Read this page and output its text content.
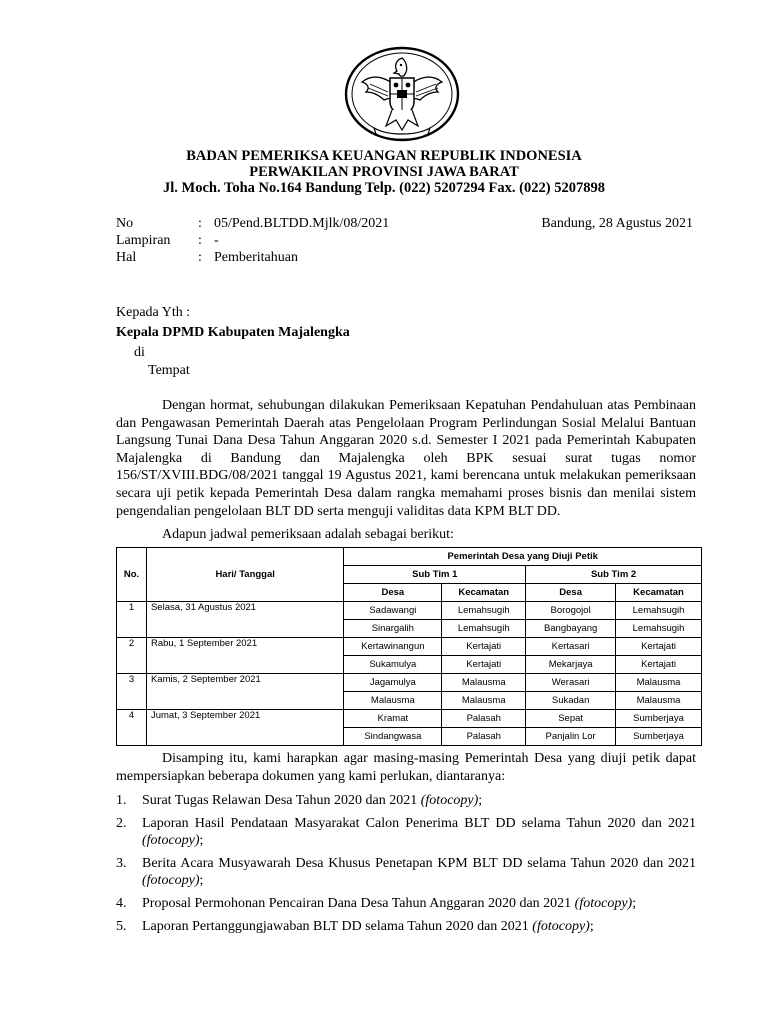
BADAN PEMERIKSA KEUANGAN REPUBLIK INDONESIA
PERWAKILAN PROVINSI JAWA BARAT
Jl. Moch. Toha No.164 Bandung Telp. (022) 5207294 Fax. (022) 5207898
No	: 05/Pend.BLTDD.Mjlk/08/2021	Bandung, 28 Agustus 2021
Lampiran : -
Hal	: Pemberitahuan
Kepada Yth :
Kepala DPMD Kabupaten Majalengka
di
Tempat
Dengan hormat, sehubungan dilakukan Pemeriksaan Kepatuhan Pendahuluan atas Pembinaan dan Pengawasan Pemerintah Daerah atas Pengelolaan Program Perlindungan Sosial Melalui Bantuan Langsung Tunai Dana Desa Tahun Anggaran 2020 s.d. Semester I 2021 pada Pemerintah Kabupaten Majalengka di Bandung dan Majalengka oleh BPK sesuai surat tugas nomor 156/ST/XVIII.BDG/08/2021 tanggal 19 Agustus 2021, kami berencana untuk melakukan pemeriksaan secara uji petik kepada Pemerintah Desa dalam rangka memahami proses bisnis dan menilai sistem pengendalian pengelolaan BLT DD serta menguji validitas data KPM BLT DD.
Adapun jadwal pemeriksaan adalah sebagai berikut:
No.	Hari/ Tanggal	Pemerintah Desa yang Diuji Petik			
		Sub Tim 1		Sub Tim 2	
		Desa	Kecamatan	Desa	Kecamatan
1	Selasa, 31 Agustus 2021	Sadawangi	Lemahsugih	Borogojol	Lemahsugih
		Sinargalih	Lemahsugih	Bangbayang	Lemahsugih
2	Rabu, 1 September 2021	Kertawinangun	Kertajati	Kertasari	Kertajati
		Sukamulya	Kertajati	Mekarjaya	Kertajati
3	Kamis, 2 September 2021	Jagamulya	Malausma	Werasari	Malausma
		Malausma	Malausma	Sukadan	Malausma
4	Jumat, 3 September 2021	Kramat	Palasah	Sepat	Sumberjaya
		Sindangwasa	Palasah	Panjalin Lor	Sumberjaya
Disamping itu, kami harapkan agar masing-masing Pemerintah Desa yang diuji petik dapat mempersiapkan beberapa dokumen yang kami perlukan, diantaranya:
1. Surat Tugas Relawan Desa Tahun 2020 dan 2021 (fotocopy);
2. Laporan Hasil Pendataan Masyarakat Calon Penerima BLT DD selama Tahun 2020 dan 2021 (fotocopy);
3. Berita Acara Musyawarah Desa Khusus Penetapan KPM BLT DD selama Tahun 2020 dan 2021 (fotocopy);
4. Proposal Permohonan Pencairan Dana Desa Tahun Anggaran 2020 dan 2021 (fotocopy);
5. Laporan Pertanggungjawaban BLT DD selama Tahun 2020 dan 2021 (fotocopy);
